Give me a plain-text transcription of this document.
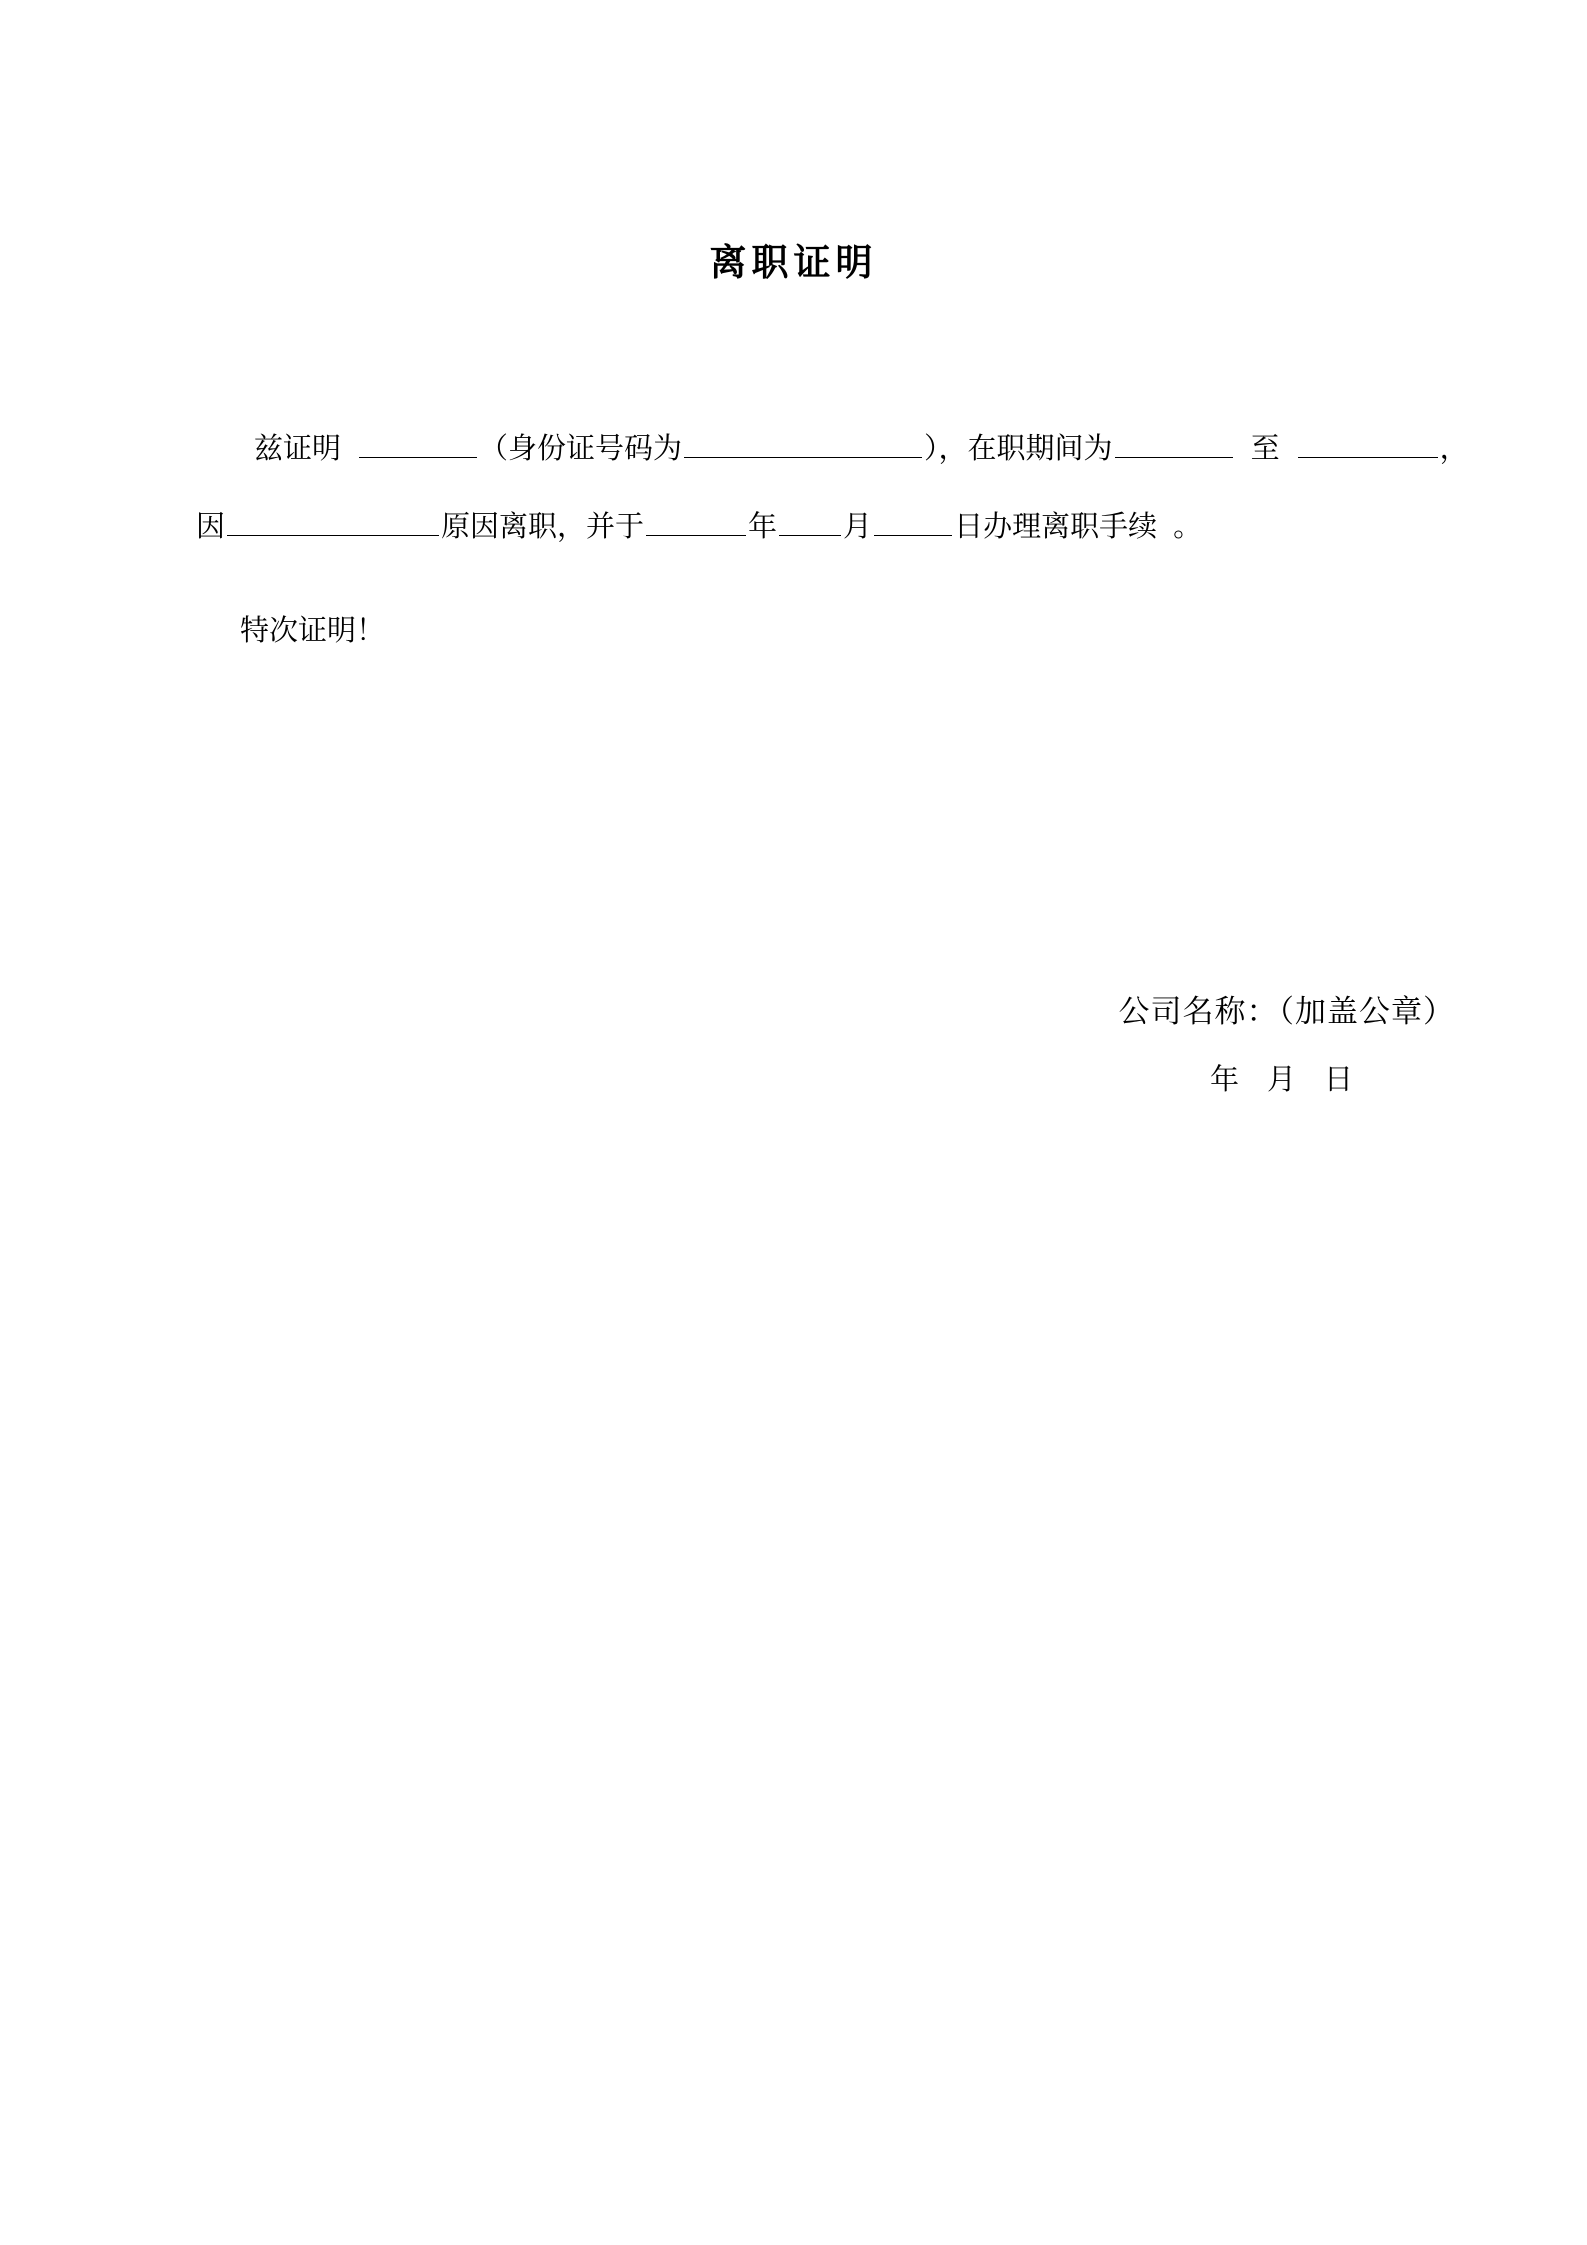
离职证明
兹证明	（身份证号码为	），在职期间为	至	，
因	原因离职，并于	年 月	日办理离职手续 。
特次证明！
公司名称：（加盖公章）
年 月 日
